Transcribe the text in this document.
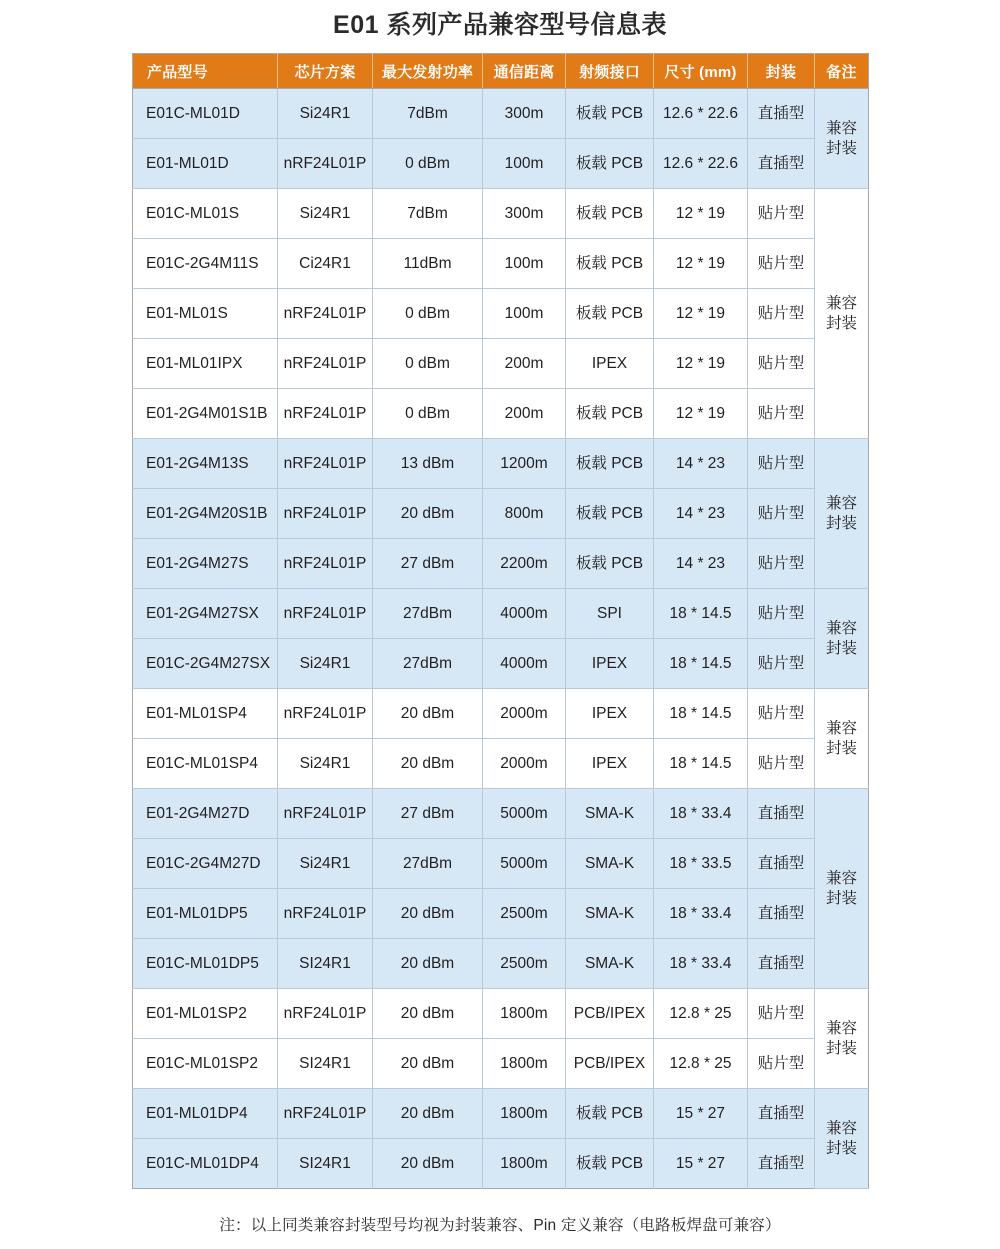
E01 系列产品兼容型号信息表
产品型号	芯片方案	最大发射功率	通信距离	射频接口	尺寸 (mm)	封装	备注
E01C-ML01D	Si24R1	7dBm	300m	板载 PCB	12.6 * 22.6	直插型	兼容
封装

E01-ML01D	nRF24L01P	0 dBm	100m	板载 PCB	12.6 * 22.6	直插型	
E01C-ML01S	Si24R1	7dBm	300m	板载 PCB	12 * 19	贴片型	兼容
封装

E01C-2G4M11S	Ci24R1	11dBm	100m	板载 PCB	12 * 19	贴片型	
E01-ML01S	nRF24L01P	0 dBm	100m	板载 PCB	12 * 19	贴片型	
E01-ML01IPX	nRF24L01P	0 dBm	200m	IPEX	12 * 19	贴片型	
E01-2G4M01S1B	nRF24L01P	0 dBm	200m	板载 PCB	12 * 19	贴片型	
E01-2G4M13S	nRF24L01P	13 dBm	1200m	板载 PCB	14 * 23	贴片型	兼容
封装

E01-2G4M20S1B	nRF24L01P	20 dBm	800m	板载 PCB	14 * 23	贴片型	
E01-2G4M27S	nRF24L01P	27 dBm	2200m	板载 PCB	14 * 23	贴片型	
E01-2G4M27SX	nRF24L01P	27dBm	4000m	SPI	18 * 14.5	贴片型	兼容
封装

E01C-2G4M27SX	Si24R1	27dBm	4000m	IPEX	18 * 14.5	贴片型	
E01-ML01SP4	nRF24L01P	20 dBm	2000m	IPEX	18 * 14.5	贴片型	兼容
封装

E01C-ML01SP4	Si24R1	20 dBm	2000m	IPEX	18 * 14.5	贴片型	
E01-2G4M27D	nRF24L01P	27 dBm	5000m	SMA-K	18 * 33.4	直插型	兼容
封装

E01C-2G4M27D	Si24R1	27dBm	5000m	SMA-K	18 * 33.5	直插型	
E01-ML01DP5	nRF24L01P	20 dBm	2500m	SMA-K	18 * 33.4	直插型	
E01C-ML01DP5	SI24R1	20 dBm	2500m	SMA-K	18 * 33.4	直插型	
E01-ML01SP2	nRF24L01P	20 dBm	1800m	PCB/IPEX	12.8 * 25	贴片型	兼容
封装

E01C-ML01SP2	SI24R1	20 dBm	1800m	PCB/IPEX	12.8 * 25	贴片型	
E01-ML01DP4	nRF24L01P	20 dBm	1800m	板载 PCB	15 * 27	直插型	兼容
封装

E01C-ML01DP4	SI24R1	20 dBm	1800m	板载 PCB	15 * 27	直插型	
注：以上同类兼容封装型号均视为封装兼容、Pin 定义兼容（电路板焊盘可兼容）
